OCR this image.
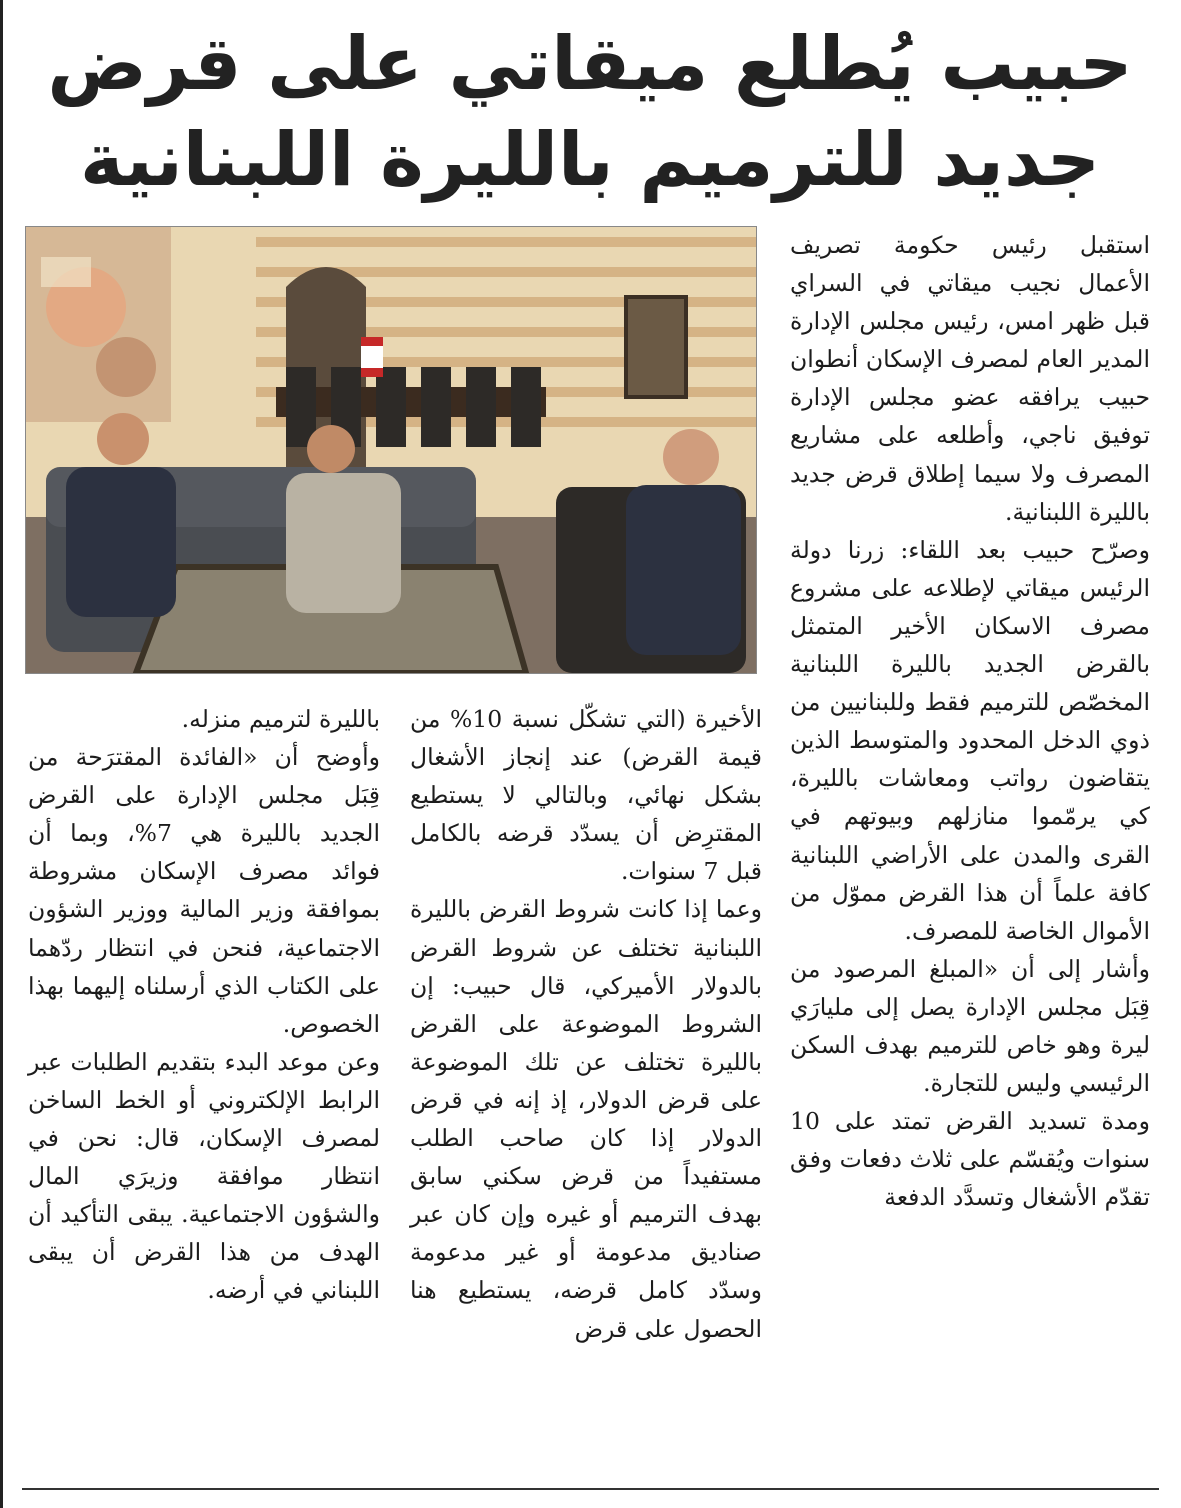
حبيب يُطلع ميقاتي على قرض
جديد للترميم بالليرة اللبنانية

استقبل رئيس حكومة تصريف الأعمال نجيب ميقاتي في السراي قبل ظهر امس، رئيس مجلس الإدارة المدير العام لمصرف الإسكان أنطوان حبيب يرافقه عضو مجلس الإدارة توفيق ناجي، وأطلعه على مشاريع المصرف ولا سيما إطلاق قرض جديد بالليرة اللبنانية.

وصرّح حبيب بعد اللقاء: زرنا دولة الرئيس ميقاتي لإطلاعه على مشروع مصرف الاسكان الأخير المتمثل بالقرض الجديد بالليرة اللبنانية المخصّص للترميم فقط وللبنانيين من ذوي الدخل المحدود والمتوسط الذين يتقاضون رواتب ومعاشات بالليرة، كي يرمّموا منازلهم وبيوتهم في القرى والمدن على الأراضي اللبنانية كافة علماً أن هذا القرض مموّل من الأموال الخاصة للمصرف.

وأشار إلى أن «المبلغ المرصود من قِبَل مجلس الإدارة يصل إلى مليارَي ليرة وهو خاص للترميم بهدف السكن الرئيسي وليس للتجارة.

ومدة تسديد القرض تمتد على 10 سنوات ويُقسّم على ثلاث دفعات وفق تقدّم الأشغال وتسدَّد الدفعة

الأخيرة (التي تشكّل نسبة 10% من قيمة القرض) عند إنجاز الأشغال بشكل نهائي، وبالتالي لا يستطيع المقترِض أن يسدّد قرضه بالكامل قبل 7 سنوات.

وعما إذا كانت شروط القرض بالليرة اللبنانية تختلف عن شروط القرض بالدولار الأميركي، قال حبيب: إن الشروط الموضوعة على القرض بالليرة تختلف عن تلك الموضوعة على قرض الدولار، إذ إنه في قرض الدولار إذا كان صاحب الطلب مستفيداً من قرض سكني سابق بهدف الترميم أو غيره وإن كان عبر صناديق مدعومة أو غير مدعومة وسدّد كامل قرضه، يستطيع هنا الحصول على قرض

بالليرة لترميم منزله.

وأوضح أن «الفائدة المقترَحة من قِبَل مجلس الإدارة على القرض الجديد بالليرة هي 7%، وبما أن فوائد مصرف الإسكان مشروطة بموافقة وزير المالية ووزير الشؤون الاجتماعية، فنحن في انتظار ردّهما على الكتاب الذي أرسلناه إليهما بهذا الخصوص.

وعن موعد البدء بتقديم الطلبات عبر الرابط الإلكتروني أو الخط الساخن لمصرف الإسكان، قال: نحن في انتظار موافقة وزيرَي المال والشؤون الاجتماعية. يبقى التأكيد أن الهدف من هذا القرض أن يبقى اللبناني في أرضه.
